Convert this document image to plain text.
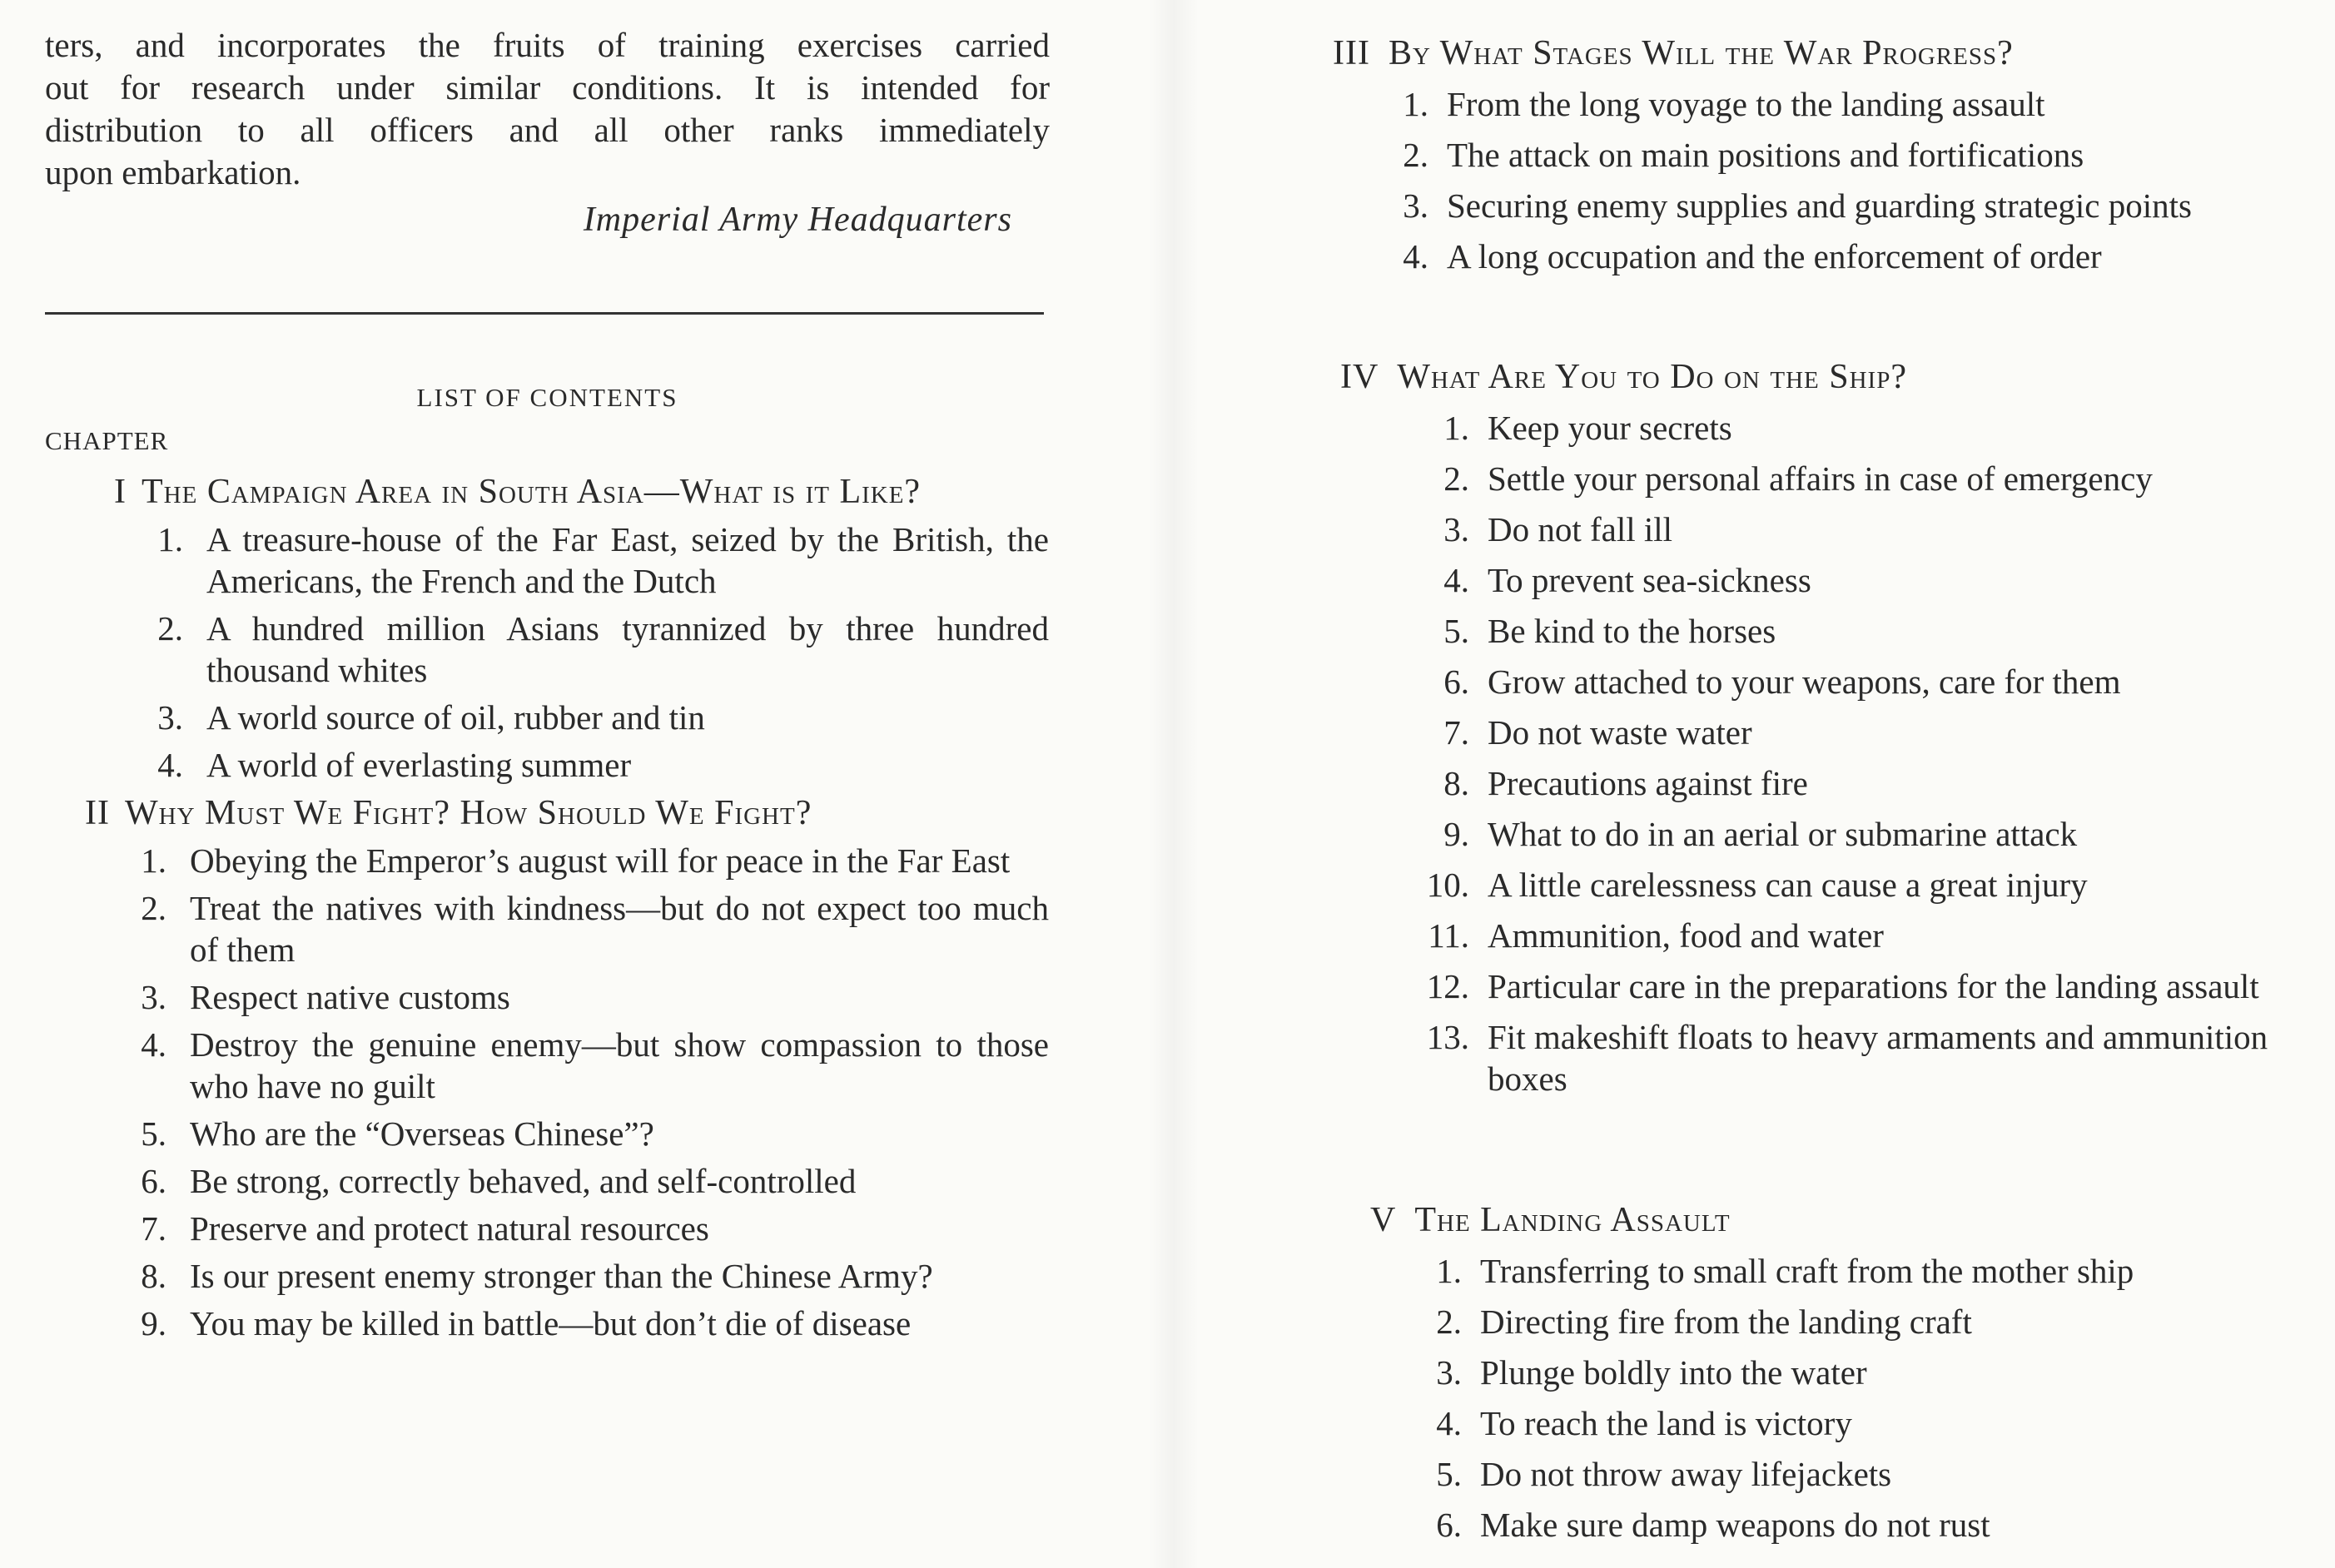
ters, and incorporates the fruits of training exercises carried
out for research under similar conditions. It is intended for
distribution to all officers and all other ranks immediately
upon embarkation.
Imperial Army Headquarters
LIST OF CONTENTS
CHAPTER
I The Campaign Area in South Asia—What is it Like?
1. A treasure-house of the Far East, seized by the British, the Americans, the French and the Dutch
2. A hundred million Asians tyrannized by three hundred thousand whites
3. A world source of oil, rubber and tin
4. A world of everlasting summer
II Why Must We Fight? How Should We Fight?
1. Obeying the Emperor’s august will for peace in the Far East
2. Treat the natives with kindness—but do not expect too much of them
3. Respect native customs
4. Destroy the genuine enemy—but show compassion to those who have no guilt
5. Who are the “Overseas Chinese”?
6. Be strong, correctly behaved, and self-controlled
7. Preserve and protect natural resources
8. Is our present enemy stronger than the Chinese Army?
9. You may be killed in battle—but don’t die of disease
III By What Stages Will the War Progress?
1. From the long voyage to the landing assault
2. The attack on main positions and fortifications
3. Securing enemy supplies and guarding strategic points
4. A long occupation and the enforcement of order
IV What Are You to Do on the Ship?
1. Keep your secrets
2. Settle your personal affairs in case of emergency
3. Do not fall ill
4. To prevent sea-sickness
5. Be kind to the horses
6. Grow attached to your weapons, care for them
7. Do not waste water
8. Precautions against fire
9. What to do in an aerial or submarine attack
10. A little carelessness can cause a great injury
11. Ammunition, food and water
12. Particular care in the preparations for the landing assault
13. Fit makeshift floats to heavy armaments and ammunition boxes
V The Landing Assault
1. Transferring to small craft from the mother ship
2. Directing fire from the landing craft
3. Plunge boldly into the water
4. To reach the land is victory
5. Do not throw away lifejackets
6. Make sure damp weapons do not rust
